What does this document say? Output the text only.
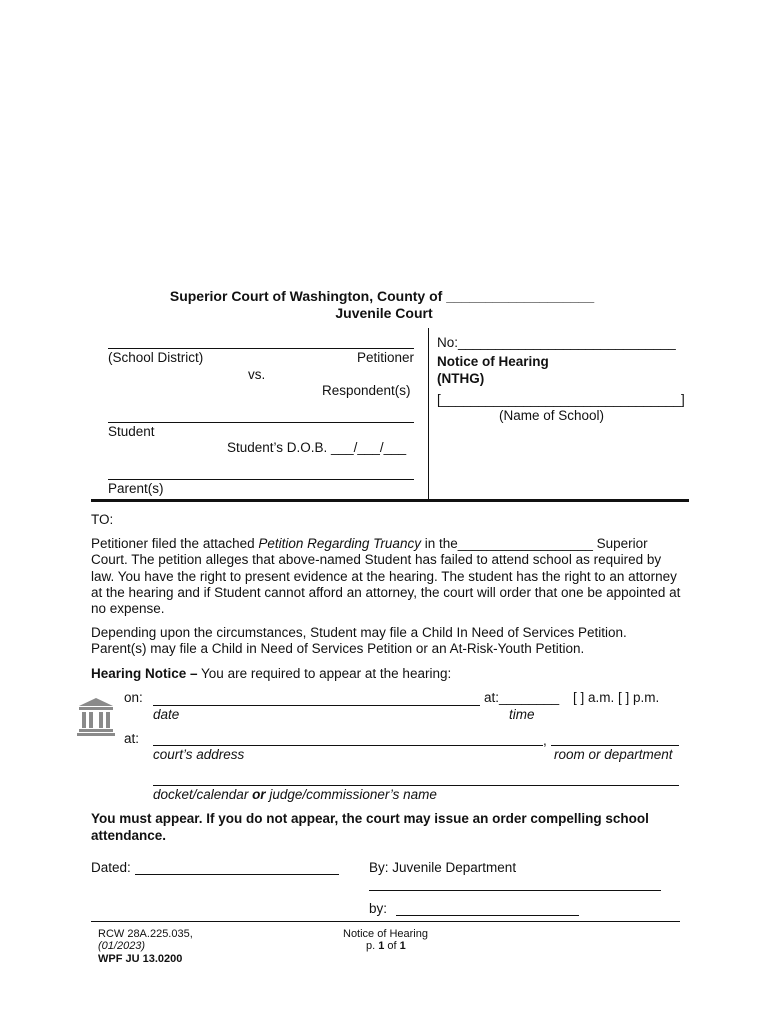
Superior Court of Washington, County of ___________________
Juvenile Court
(School District)	Petitioner
vs.
Respondent(s)
Student
Student’s D.O.B. ___/___/___
Parent(s)
No:_____________________________
Notice of Hearing
(NTHG)
[________________________________]
(Name of School)
TO:
Petitioner filed the attached Petition Regarding Truancy in the__________________ Superior Court. The petition alleges that above-named Student has failed to attend school as required by law. You have the right to present evidence at the hearing. The student has the right to an attorney at the hearing and if Student cannot afford an attorney, the court will order that one be appointed at no expense.
Depending upon the circumstances, Student may file a Child In Need of Services Petition. Parent(s) may file a Child in Need of Services Petition or an At-Risk-Youth Petition.
Hearing Notice – You are required to appear at the hearing:
on:	at:________ [ ] a.m. [ ] p.m.
date	time
at:	,
court’s address	room or department
docket/calendar or judge/commissioner’s name
You must appear. If you do not appear, the court may issue an order compelling school attendance.
Dated:	By: Juvenile Department
by:
RCW 28A.225.035,
(01/2023)
WPF JU 13.0200
Notice of Hearing
p. 1 of 1
